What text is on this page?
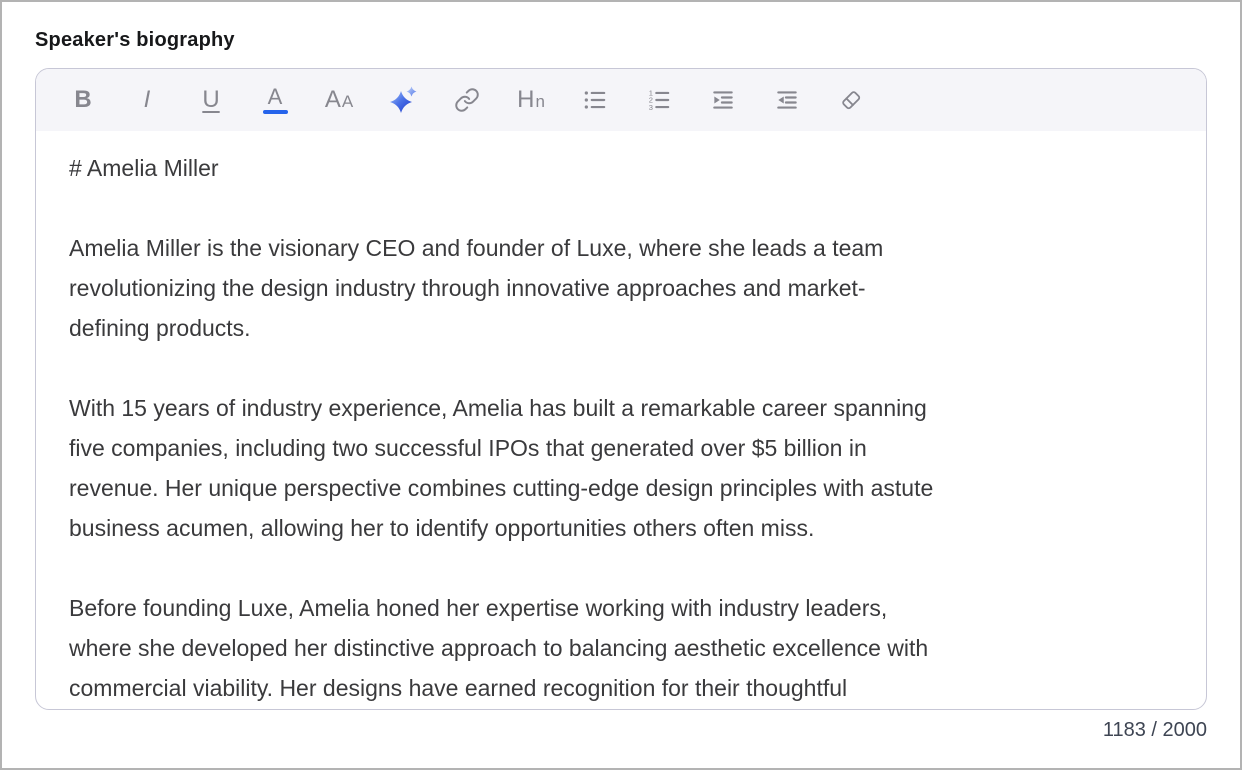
Speaker's biography
B I U A A A	H n	1
2
3
# Amelia Miller

Amelia Miller is the visionary CEO and founder of Luxe, where she leads a team
revolutionizing the design industry through innovative approaches and market-
defining products.

With 15 years of industry experience, Amelia has built a remarkable career spanning
five companies, including two successful IPOs that generated over $5 billion in
revenue. Her unique perspective combines cutting-edge design principles with astute
business acumen, allowing her to identify opportunities others often miss.

Before founding Luxe, Amelia honed her expertise working with industry leaders,
where she developed her distinctive approach to balancing aesthetic excellence with
commercial viability. Her designs have earned recognition for their thoughtful
1183 / 2000
